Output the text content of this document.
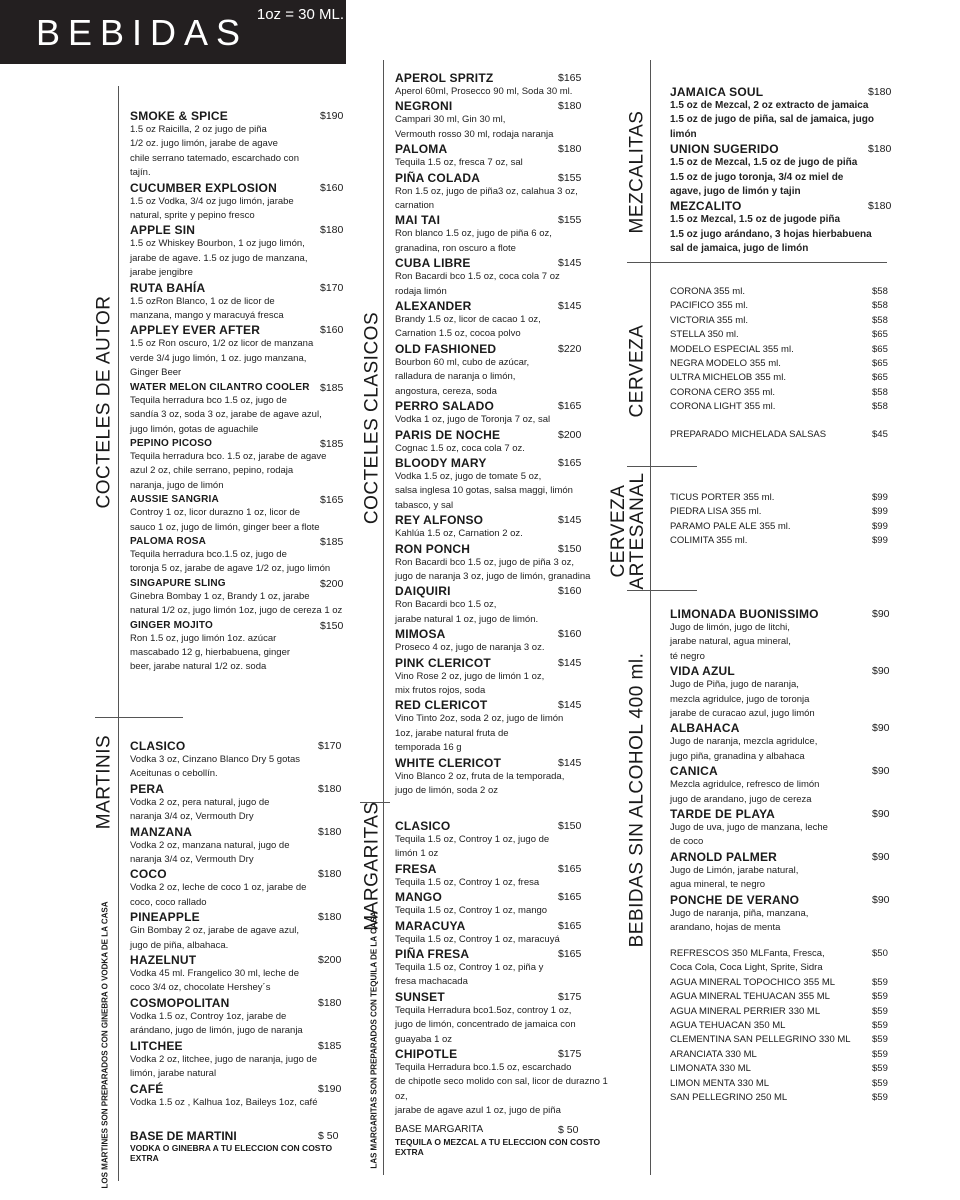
BEBIDAS 1oz = 30 ML.
COCTELES DE AUTOR
MARTINIS
COCTELES CLASICOS
MARGARITAS
MEZCALITAS
CERVEZA
CERVEZA
ARTESANAL
BEBIDAS SIN ALCOHOL 400 ml.
LOS MARTINES SON PREPARADOS CON GINEBRA O VODKA DE LA CASA	LAS MARGARITAS SON PREPARADOS CON TEQUILA DE LA CASA
SMOKE & SPICE	$190
1.5 oz Raicilla, 2 oz jugo de piña
1/2 oz. jugo limón, jarabe de agave
chile serrano tatemado, escarchado con
tajín.
CUCUMBER EXPLOSION	$160
1.5 oz Vodka, 3/4 oz jugo limón, jarabe
natural, sprite y pepino fresco
APPLE SIN	$180
1.5 oz Whiskey Bourbon, 1 oz jugo limón,
jarabe de agave. 1.5 oz jugo de manzana,
jarabe jengibre
RUTA BAHÍA	$170
1.5 ozRon Blanco, 1 oz de licor de
manzana, mango y maracuyá fresca
APPLEY EVER AFTER	$160
1.5 oz Ron oscuro, 1/2 oz licor de manzana
verde 3/4 jugo limón, 1 oz. jugo manzana,
Ginger Beer
WATER MELON CILANTRO COOLER $185
Tequila herradura bco 1.5 oz, jugo de
sandía 3 oz, soda 3 oz, jarabe de agave azul,
jugo limón, gotas de aguachile
PEPINO PICOSO	$185
Tequila herradura bco. 1.5 oz, jarabe de agave
azul 2 oz, chile serrano, pepino, rodaja
naranja, jugo de limón
AUSSIE SANGRIA	$165
Controy 1 oz, licor durazno 1 oz, licor de
sauco 1 oz, jugo de limón, ginger beer a flote
PALOMA ROSA	$185
Tequila herradura bco.1.5 oz, jugo de
toronja 5 oz, jarabe de agave 1/2 oz, jugo limón
SINGAPURE SLING	$200
Ginebra Bombay 1 oz, Brandy 1 oz, jarabe
natural 1/2 oz, jugo limón 1oz, jugo de cereza 1 oz
GINGER MOJITO	$150
Ron 1.5 oz, jugo limón 1oz. azúcar
mascabado 12 g, hierbabuena, ginger
beer, jarabe natural 1/2 oz. soda
CLASICO	$170
Vodka 3 oz, Cinzano Blanco Dry 5 gotas
Aceitunas o cebollín.
PERA	$180
Vodka 2 oz, pera natural, jugo de
naranja 3/4 oz, Vermouth Dry
MANZANA	$180
Vodka 2 oz, manzana natural, jugo de
naranja 3/4 oz, Vermouth Dry
COCO	$180
Vodka 2 oz, leche de coco 1 oz, jarabe de
coco, coco rallado
PINEAPPLE	$180
Gin Bombay 2 oz, jarabe de agave azul,
jugo de piña, albahaca.
HAZELNUT	$200
Vodka 45 ml. Frangelico 30 ml, leche de
coco 3/4 oz, chocolate Hershey´s
COSMOPOLITAN	$180
Vodka 1.5 oz, Controy 1oz, jarabe de
arándano, jugo de limón, jugo de naranja
LITCHEE	$185
Vodka 2 oz, litchee, jugo de naranja, jugo de
limón, jarabe natural
CAFÉ	$190
Vodka 1.5 oz , Kalhua 1oz, Baileys 1oz, café
BASE DE MARTINI	$ 50
VODKA O GINEBRA A TU ELECCION CON COSTO EXTRA
APEROL SPRITZ	$165
Aperol 60ml, Prosecco 90 ml, Soda 30 ml.
NEGRONI	$180
Campari 30 ml, Gin 30 ml,
Vermouth rosso 30 ml, rodaja naranja
PALOMA	$180
Tequila 1.5 oz, fresca 7 oz, sal
PIÑA COLADA	$155
Ron 1.5 oz, jugo de piña3 oz, calahua 3 oz, carnation
MAI TAI	$155
Ron blanco 1.5 oz, jugo de piña 6 oz,
granadina, ron oscuro a flote
CUBA LIBRE	$145
Ron Bacardi bco 1.5 oz, coca cola 7 oz
rodaja limón
ALEXANDER	$145
Brandy 1.5 oz, licor de cacao 1 oz,
Carnation 1.5 oz, cocoa polvo
OLD FASHIONED	$220
Bourbon 60 ml, cubo de azúcar,
ralladura de naranja o limón,
angostura, cereza, soda
PERRO SALADO	$165
Vodka 1 oz, jugo de Toronja 7 oz, sal
PARIS DE NOCHE	$200
Cognac 1.5 oz, coca cola 7 oz.
BLOODY MARY	$165
Vodka 1.5 oz, jugo de tomate 5 oz,
salsa inglesa 10 gotas, salsa maggi, limón
tabasco, y sal
REY ALFONSO	$145
Kahlúa 1.5 oz, Carnation 2 oz.
RON PONCH	$150
Ron Bacardi bco 1.5 oz, jugo de piña 3 oz,
jugo de naranja 3 oz, jugo de limón, granadina
DAIQUIRI	$160
Ron Bacardi bco 1.5 oz,
jarabe natural 1 oz, jugo de limón.
MIMOSA	$160
Proseco 4 oz, jugo de naranja 3 oz.
PINK CLERICOT	$145
Vino Rose 2 oz, jugo de limón 1 oz,
mix frutos rojos, soda
RED CLERICOT	$145
Vino Tinto 2oz, soda 2 oz, jugo de limón
1oz, jarabe natural fruta de
temporada 16 g
WHITE CLERICOT	$145
Vino Blanco 2 oz, fruta de la temporada,
jugo de limón, soda 2 oz
CLASICO	$150
Tequila 1.5 oz, Controy 1 oz, jugo de
limón 1 oz
FRESA	$165
Tequila 1.5 oz, Controy 1 oz, fresa
MANGO	$165
Tequila 1.5 oz, Controy 1 oz, mango
MARACUYA	$165
Tequila 1.5 oz, Controy 1 oz, maracuyá
PIÑA FRESA	$165
Tequila 1.5 oz, Controy 1 oz, piña y
fresa machacada
SUNSET	$175
Tequila Herradura bco1.5oz, controy 1 oz,
jugo de limón, concentrado de jamaica con
guayaba 1 oz
CHIPOTLE	$175
Tequila Herradura bco.1.5 oz, escarchado
de chipotle seco molido con sal, licor de durazno 1 oz,
jarabe de agave azul 1 oz, jugo de piña
BASE MARGARITA	$ 50
TEQUILA O MEZCAL A TU ELECCION CON COSTO EXTRA
JAMAICA SOUL	$180
1.5 oz de Mezcal, 2 oz extracto de jamaica
1.5 oz de jugo de piña, sal de jamaica, jugo limón
UNION SUGERIDO	$180
1.5 oz de Mezcal, 1.5 oz de jugo de piña
1.5 oz de jugo toronja, 3/4 oz miel de
agave, jugo de limón y tajin
MEZCALITO	$180
1.5 oz Mezcal, 1.5 oz de jugode piña
1.5 oz jugo arándano, 3 hojas hierbabuena
sal de jamaica, jugo de limón
CORONA 355 ml.	$58
PACIFICO 355 ml.	$58
VICTORIA 355 ml.	$58
STELLA 350 ml.	$65
MODELO ESPECIAL 355 ml.	$65
NEGRA MODELO 355 ml.	$65
ULTRA MICHELOB 355 ml.	$65
CORONA CERO 355 ml.	$58
CORONA LIGHT 355 ml.	$58
PREPARADO MICHELADA SALSAS	$45
TICUS PORTER 355 ml.	$99
PIEDRA LISA 355 ml.	$99
PARAMO PALE ALE 355 ml.	$99
COLIMITA 355 ml.	$99
LIMONADA BUONISSIMO	$90
Jugo de limón, jugo de litchi,
jarabe natural, agua mineral,
té negro
VIDA AZUL	$90
Jugo de Piña, jugo de naranja,
mezcla agridulce, jugo de toronja
jarabe de curacao azul, jugo limón
ALBAHACA	$90
Jugo de naranja, mezcla agridulce,
jugo piña, granadina y albahaca
CANICA	$90
Mezcla agridulce, refresco de limón
jugo de arandano, jugo de cereza
TARDE DE PLAYA	$90
Jugo de uva, jugo de manzana, leche
de coco
ARNOLD PALMER	$90
Jugo de Limón, jarabe natural,
agua mineral, te negro
PONCHE DE VERANO	$90
Jugo de naranja, piña, manzana,
arandano, hojas de menta
REFRESCOS 350 MLFanta, Fresca,	$50
Coca Cola, Coca Light, Sprite, Sidra
AGUA MINERAL TOPOCHICO 355 ML	$59
AGUA MINERAL TEHUACAN 355 ML	$59
AGUA MINERAL PERRIER 330 ML	$59
AGUA TEHUACAN 350 ML	$59
CLEMENTINA SAN PELLEGRINO 330 ML $59
ARANCIATA 330 ML	$59
LIMONATA 330 ML	$59
LIMON MENTA 330 ML	$59
SAN PELLEGRINO 250 ML	$59
